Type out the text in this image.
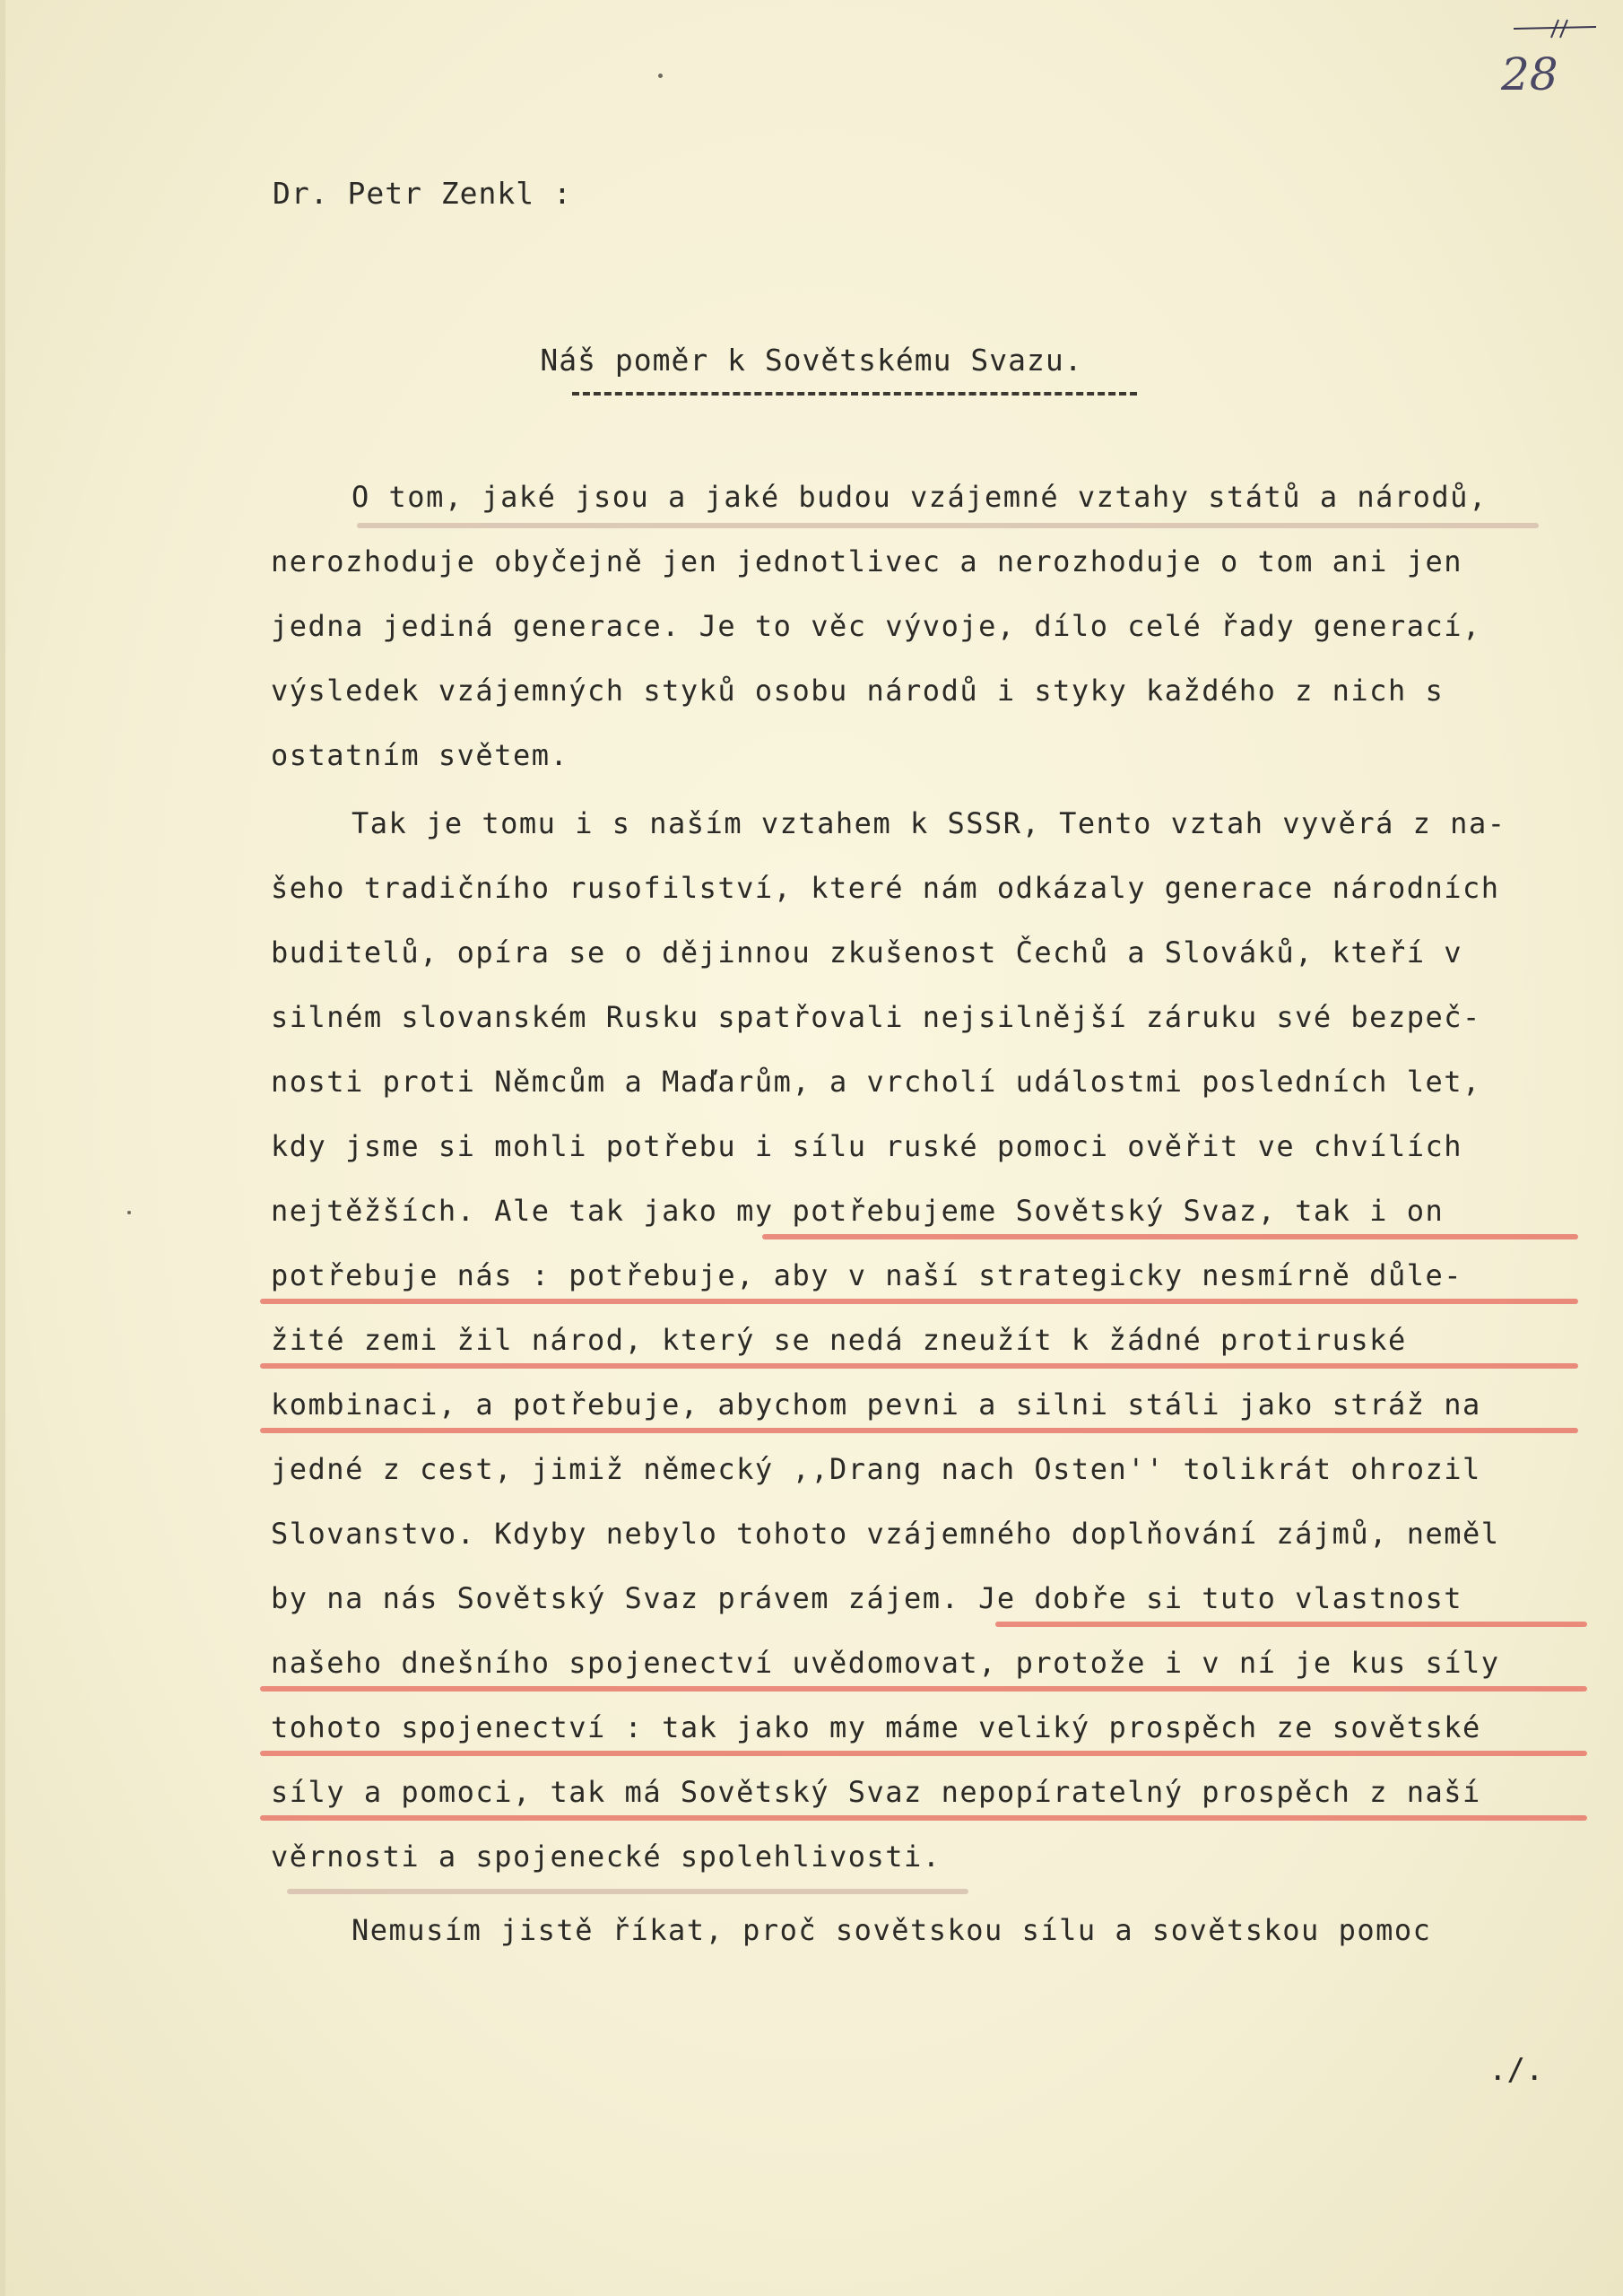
28
Dr. Petr Zenkl :
Náš poměr k Sovětskému Svazu.
O tom, jaké jsou a jaké budou vzájemné vztahy států a národů,
nerozhoduje obyčejně jen jednotlivec a nerozhoduje o tom ani jen
jedna jediná generace. Je to věc vývoje, dílo celé řady generací,
výsledek vzájemných styků osobu národů i styky každého z nich s
ostatním světem.
Tak je tomu i s naším vztahem k SSSR, Tento vztah vyvěrá z na-
šeho tradičního rusofilství, které nám odkázaly generace národních
buditelů, opíra se o dějinnou zkušenost Čechů a Slováků, kteří v
silném slovanském Rusku spatřovali nejsilnější záruku své bezpeč-
nosti proti Němcům a Maďarům, a vrcholí událostmi posledních let,
kdy jsme si mohli potřebu i sílu ruské pomoci ověřit ve chvílích
nejtěžších. Ale tak jako my potřebujeme Sovětský Svaz, tak i on
potřebuje nás : potřebuje, aby v naší strategicky nesmírně důle-
žité zemi žil národ, který se nedá zneužít k žádné protiruské
kombinaci, a potřebuje, abychom pevni a silni stáli jako stráž na
jedné z cest, jimiž německý ,,Drang nach Osten'' tolikrát ohrozil
Slovanstvo. Kdyby nebylo tohoto vzájemného doplňování zájmů, neměl
by na nás Sovětský Svaz právem zájem. Je dobře si tuto vlastnost
našeho dnešního spojenectví uvědomovat, protože i v ní je kus síly
tohoto spojenectví : tak jako my máme veliký prospěch ze sovětské
síly a pomoci, tak má Sovětský Svaz nepopíratelný prospěch z naší
věrnosti a spojenecké spolehlivosti.
Nemusím jistě říkat, proč sovětskou sílu a sovětskou pomoc
./.
